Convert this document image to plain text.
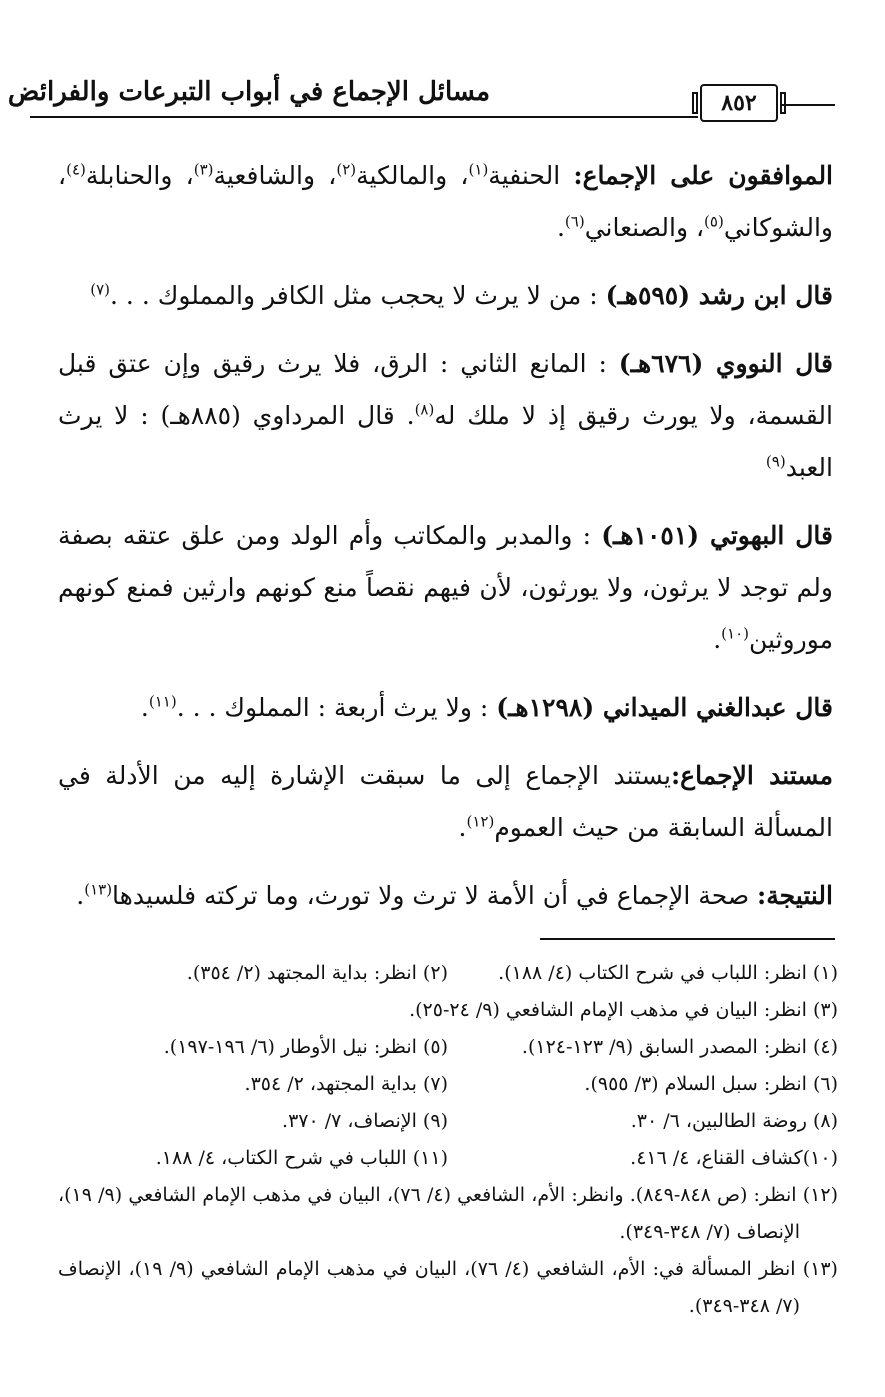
مسائل الإجماع في أبواب التبرعات والفرائض	٨٥٢

الموافقون على الإجماع: الحنفية$^{(١)}$، والمالكية$^{(٢)}$، والشافعية$^{(٣)}$، والحنابلة$^{(٤)}$، والشوكاني$^{(٥)}$، والصنعاني$^{(٦)}$.

قال ابن رشد (٥٩٥هـ) : من لا يرث لا يحجب مثل الكافر والمملوك . . .$^{(٧)}$

قال النووي (٦٧٦هـ) : المانع الثاني : الرق، فلا يرث رقيق وإن عتق قبل القسمة، ولا يورث رقيق إذ لا ملك له$^{(٨)}$. قال المرداوي (٨٨٥هـ) : لا يرث العبد$^{(٩)}$

قال البهوتي (١٠٥١هـ) : والمدبر والمكاتب وأم الولد ومن علق عتقه بصفة ولم توجد لا يرثون، ولا يورثون، لأن فيهم نقصاً منع كونهم وارثين فمنع كونهم موروثين$^{(١٠)}$.

قال عبدالغني الميداني (١٢٩٨هـ) : ولا يرث أربعة : المملوك . . .$^{(١١)}$.

مستند الإجماع:يستند الإجماع إلى ما سبقت الإشارة إليه من الأدلة في المسألة السابقة من حيث العموم$^{(١٢)}$.

النتيجة: صحة الإجماع في أن الأمة لا ترث ولا تورث، وما تركته فلسيدها$^{(١٣)}$.

(١) انظر: اللباب في شرح الكتاب (٤/ ١٨٨).
(٢) انظر: بداية المجتهد (٢/ ٣٥٤).
(٣) انظر: البيان في مذهب الإمام الشافعي (٩/ ٢٤-٢٥).
(٤) انظر: المصدر السابق (٩/ ١٢٣-١٢٤).
(٥) انظر: نيل الأوطار (٦/ ١٩٦-١٩٧).
(٦) انظر: سبل السلام (٣/ ٩٥٥).
(٧) بداية المجتهد، ٢/ ٣٥٤.
(٨) روضة الطالبين، ٦/ ٣٠.
(٩) الإنصاف، ٧/ ٣٧٠.
(١٠)كشاف القناع، ٤/ ٤١٦.
(١١) اللباب في شرح الكتاب، ٤/ ١٨٨.
(١٢) انظر: (ص ٨٤٨-٨٤٩). وانظر: الأم، الشافعي (٤/ ٧٦)، البيان في مذهب الإمام الشافعي (٩/ ١٩)، الإنصاف (٧/ ٣٤٨-٣٤٩).
(١٣) انظر المسألة في: الأم، الشافعي (٤/ ٧٦)، البيان في مذهب الإمام الشافعي (٩/ ١٩)، الإنصاف (٧/ ٣٤٨-٣٤٩).
